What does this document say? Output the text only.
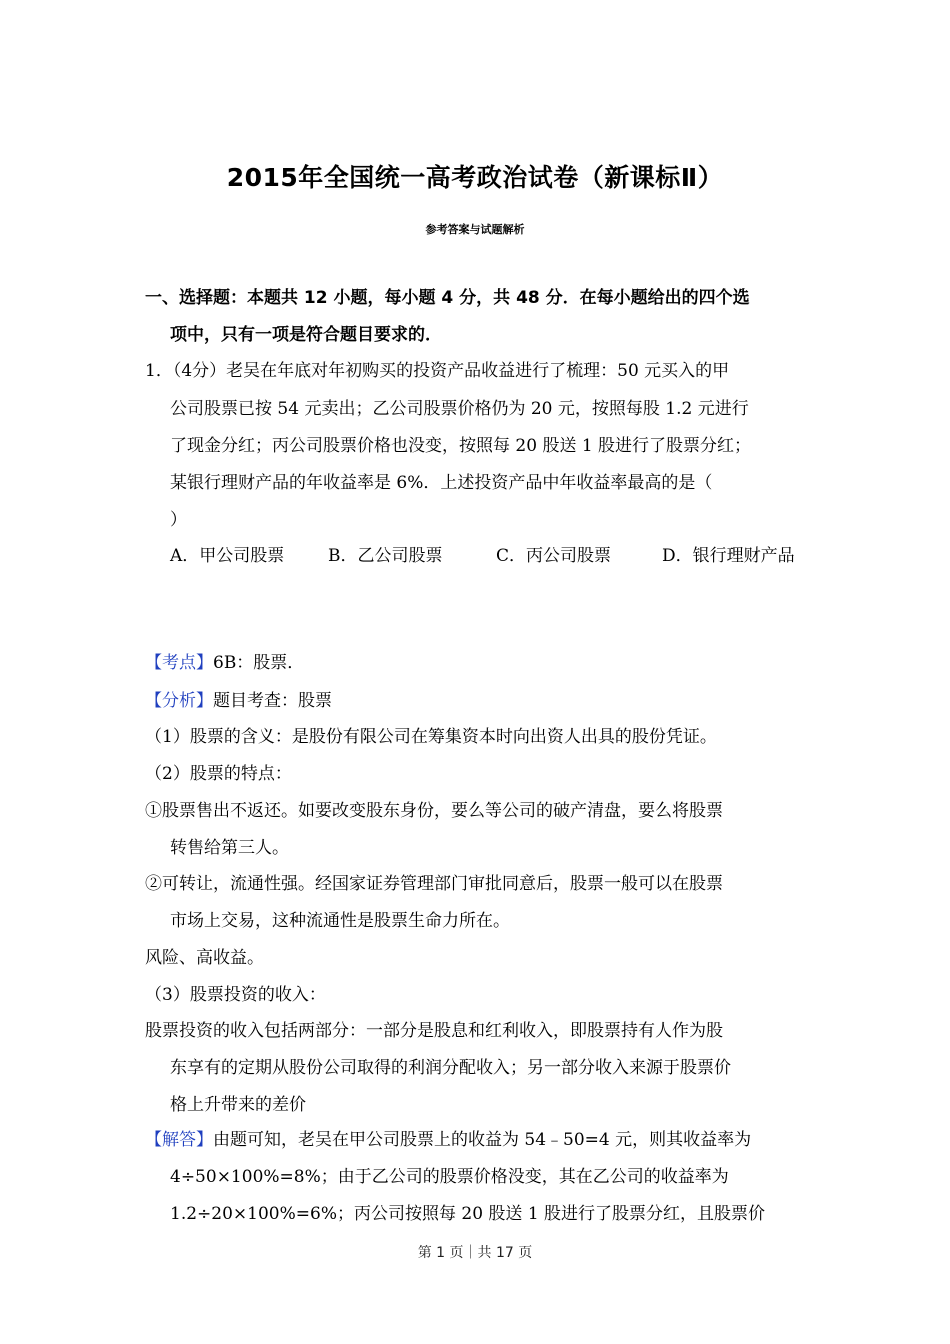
2015年全国统一高考政治试卷（新课标Ⅱ）
参考答案与试题解析
一、选择题：本题共 12 小题，每小题 4 分，共 48 分．在每小题给出的四个选
项中，只有一项是符合题目要求的．
1．（4分）老吴在年底对年初购买的投资产品收益进行了梳理：50 元买入的甲
公司股票已按 54 元卖出；乙公司股票价格仍为 20 元，按照每股 1.2 元进行
了现金分红；丙公司股票价格也没变，按照每 20 股送 1 股进行了股票分红；
某银行理财产品的年收益率是 6%．上述投资产品中年收益率最高的是（
）
A．甲公司股票	B．乙公司股票	C．丙公司股票	D．银行理财产品
【考点】6B：股票．
【分析】题目考查：股票
（1）股票的含义：是股份有限公司在筹集资本时向出资人出具的股份凭证。
（2）股票的特点：
①股票售出不返还。如要改变股东身份，要么等公司的破产清盘，要么将股票
转售给第三人。
②可转让，流通性强。经国家证券管理部门审批同意后，股票一般可以在股票
市场上交易，这种流通性是股票生命力所在。
风险、高收益。
（3）股票投资的收入：
股票投资的收入包括两部分：一部分是股息和红利收入，即股票持有人作为股
东享有的定期从股份公司取得的利润分配收入；另一部分收入来源于股票价
格上升带来的差价
【解答】由题可知，老吴在甲公司股票上的收益为 54﹣50=4 元，则其收益率为
4÷50×100%=8%；由于乙公司的股票价格没变，其在乙公司的收益率为
1.2÷20×100%=6%；丙公司按照每 20 股送 1 股进行了股票分红，且股票价
第 1 页｜共 17 页
